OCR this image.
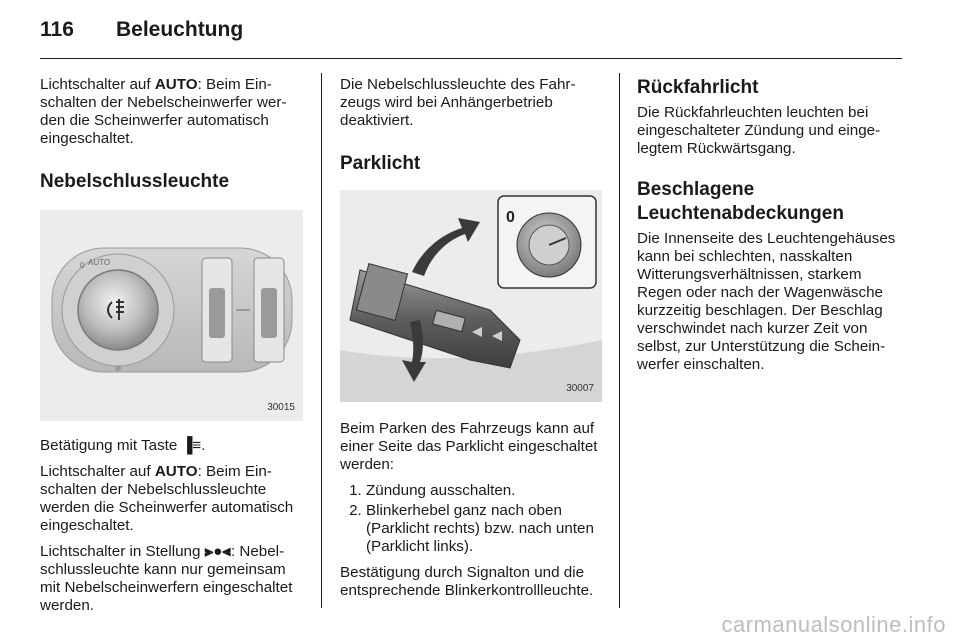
116	Beleuchtung

Lichtschalter auf AUTO: Beim Einschalten der Nebelscheinwerfer werden die Scheinwerfer automatisch eingeschaltet.

Nebelschlussleuchte
AUTO
0
30015

Betätigung mit Taste ▐≡.

Lichtschalter auf AUTO: Beim Einschalten der Nebelschlussleuchte werden die Scheinwerfer automatisch eingeschaltet.

Lichtschalter in Stellung ⫸●⫷: Nebelschlussleuchte kann nur gemeinsam mit Nebelscheinwerfern eingeschaltet werden.

Die Nebelschlussleuchte des Fahrzeugs wird bei Anhängerbetrieb deaktiviert.

Parklicht
0
30007

Beim Parken des Fahrzeugs kann auf einer Seite das Parklicht eingeschaltet werden:

1. Zündung ausschalten.
2. Blinkerhebel ganz nach oben (Parklicht rechts) bzw. nach unten (Parklicht links).

Bestätigung durch Signalton und die entsprechende Blinkerkontrollleuchte.

Rückfahrlicht

Die Rückfahrleuchten leuchten bei eingeschalteter Zündung und eingelegtem Rückwärtsgang.

Beschlagene Leuchtenabdeckungen

Die Innenseite des Leuchtengehäuses kann bei schlechten, nasskalten Witterungsverhältnissen, starkem Regen oder nach der Wagenwäsche kurzzeitig beschlagen. Der Beschlag verschwindet nach kurzer Zeit von selbst, zur Unterstützung die Scheinwerfer einschalten.

carmanualsonline.info
